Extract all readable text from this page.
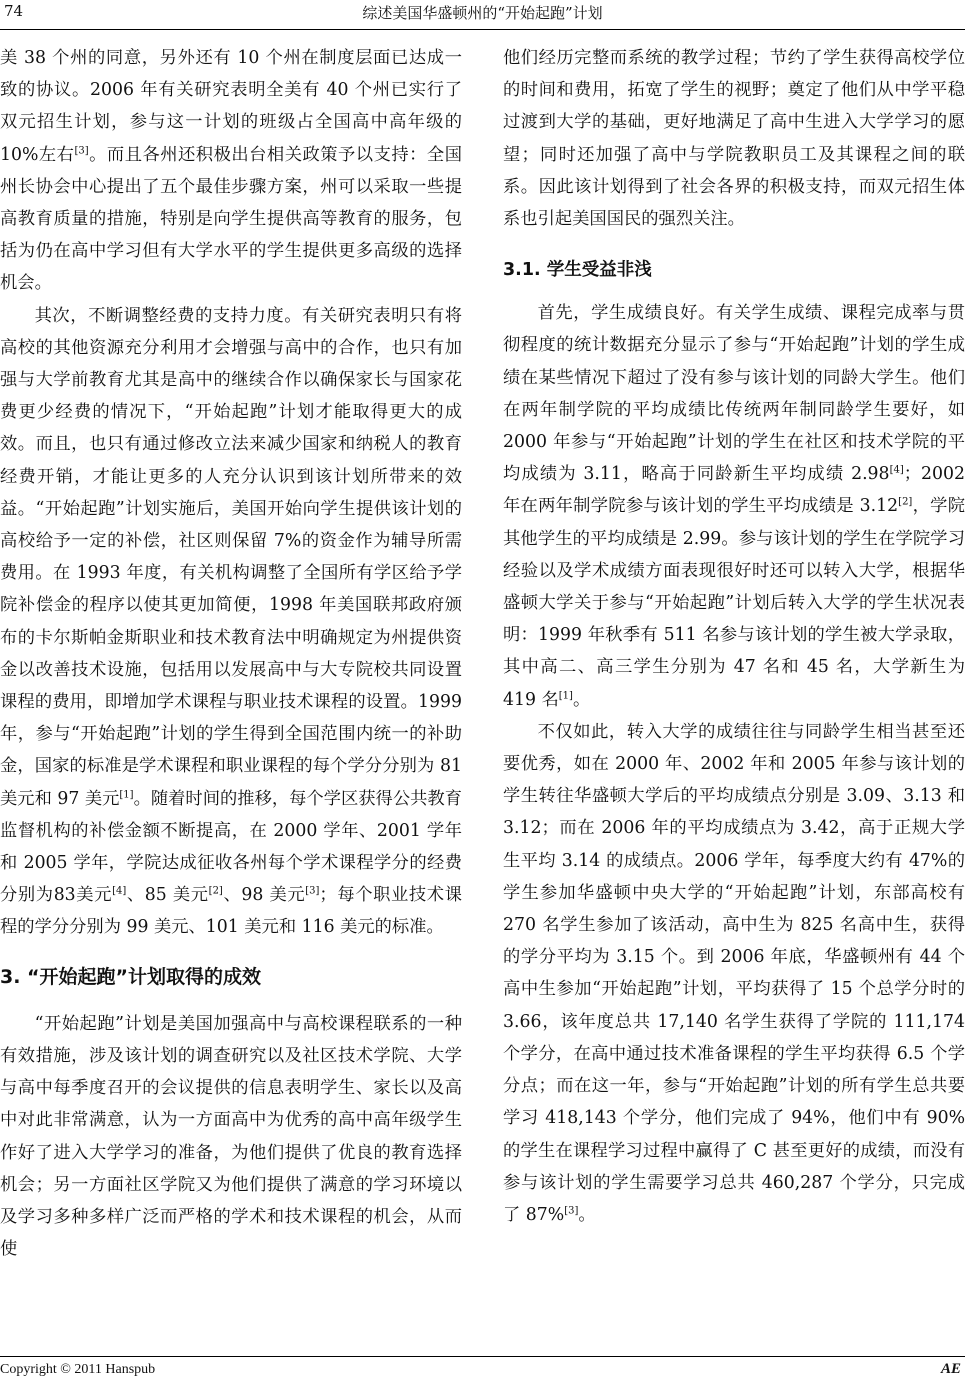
74	综述美国华盛顿州的“开始起跑”计划

美 38 个州的同意，另外还有 10 个州在制度层面已达成一致的协议。2006 年有关研究表明全美有 40 个州已实行了双元招生计划，参与这一计划的班级占全国高中高年级的 10%左右[3]。而且各州还积极出台相关政策予以支持：全国州长协会中心提出了五个最佳步骤方案，州可以采取一些提高教育质量的措施，特别是向学生提供高等教育的服务，包括为仍在高中学习但有大学水平的学生提供更多高级的选择机会。

其次，不断调整经费的支持力度。有关研究表明只有将高校的其他资源充分利用才会增强与高中的合作，也只有加强与大学前教育尤其是高中的继续合作以确保家长与国家花费更少经费的情况下，“开始起跑”计划才能取得更大的成效。而且，也只有通过修改立法来减少国家和纳税人的教育经费开销，才能让更多的人充分认识到该计划所带来的效益。“开始起跑”计划实施后，美国开始向学生提供该计划的高校给予一定的补偿，社区则保留 7%的资金作为辅导所需费用。在 1993 年度，有关机构调整了全国所有学区给予学院补偿金的程序以使其更加简便，1998 年美国联邦政府颁布的卡尔斯帕金斯职业和技术教育法中明确规定为州提供资金以改善技术设施，包括用以发展高中与大专院校共同设置课程的费用，即增加学术课程与职业技术课程的设置。1999 年，参与“开始起跑”计划的学生得到全国范围内统一的补助金，国家的标准是学术课程和职业课程的每个学分分别为 81 美元和 97 美元[1]。随着时间的推移，每个学区获得公共教育监督机构的补偿金额不断提高，在 2000 学年、2001 学年和 2005 学年，学院达成征收各州每个学术课程学分的经费分别为83美元[4]、85 美元[2]、98 美元[3]；每个职业技术课程的学分分别为 99 美元、101 美元和 116 美元的标准。

3. “开始起跑”计划取得的成效

“开始起跑”计划是美国加强高中与高校课程联系的一种有效措施，涉及该计划的调查研究以及社区技术学院、大学与高中每季度召开的会议提供的信息表明学生、家长以及高中对此非常满意，认为一方面高中为优秀的高中高年级学生作好了进入大学学习的准备，为他们提供了优良的教育选择机会；另一方面社区学院又为他们提供了满意的学习环境以及学习多种多样广泛而严格的学术和技术课程的机会，从而使

他们经历完整而系统的教学过程；节约了学生获得高校学位的时间和费用，拓宽了学生的视野；奠定了他们从中学平稳过渡到大学的基础，更好地满足了高中生进入大学学习的愿望；同时还加强了高中与学院教职员工及其课程之间的联系。因此该计划得到了社会各界的积极支持，而双元招生体系也引起美国国民的强烈关注。

3.1. 学生受益非浅

首先，学生成绩良好。有关学生成绩、课程完成率与贯彻程度的统计数据充分显示了参与“开始起跑”计划的学生成绩在某些情况下超过了没有参与该计划的同龄大学生。他们在两年制学院的平均成绩比传统两年制同龄学生要好，如 2000 年参与“开始起跑”计划的学生在社区和技术学院的平均成绩为 3.11，略高于同龄新生平均成绩 2.98[4]；2002 年在两年制学院参与该计划的学生平均成绩是 3.12[2]，学院其他学生的平均成绩是 2.99。参与该计划的学生在学院学习经验以及学术成绩方面表现很好时还可以转入大学，根据华盛顿大学关于参与“开始起跑”计划后转入大学的学生状况表明：1999 年秋季有 511 名参与该计划的学生被大学录取，其中高二、高三学生分别为 47 名和 45 名，大学新生为 419 名[1]。

不仅如此，转入大学的成绩往往与同龄学生相当甚至还要优秀，如在 2000 年、2002 年和 2005 年参与该计划的学生转往华盛顿大学后的平均成绩点分别是 3.09、3.13 和 3.12；而在 2006 年的平均成绩点为 3.42，高于正规大学生平均 3.14 的成绩点。2006 学年，每季度大约有 47%的学生参加华盛顿中央大学的“开始起跑”计划，东部高校有 270 名学生参加了该活动，高中生为 825 名高中生，获得的学分平均为 3.15 个。到 2006 年底，华盛顿州有 44 个高中生参加“开始起跑”计划，平均获得了 15 个总学分时的 3.66，该年度总共 17,140 名学生获得了学院的 111,174 个学分，在高中通过技术准备课程的学生平均获得 6.5 个学分点；而在这一年，参与“开始起跑”计划的所有学生总共要学习 418,143 个学分，他们完成了 94%，他们中有 90%的学生在课程学习过程中赢得了 C 甚至更好的成绩，而没有参与该计划的学生需要学习总共 460,287 个学分，只完成了 87%[3]。

Copyright © 2011 Hanspub	AE
